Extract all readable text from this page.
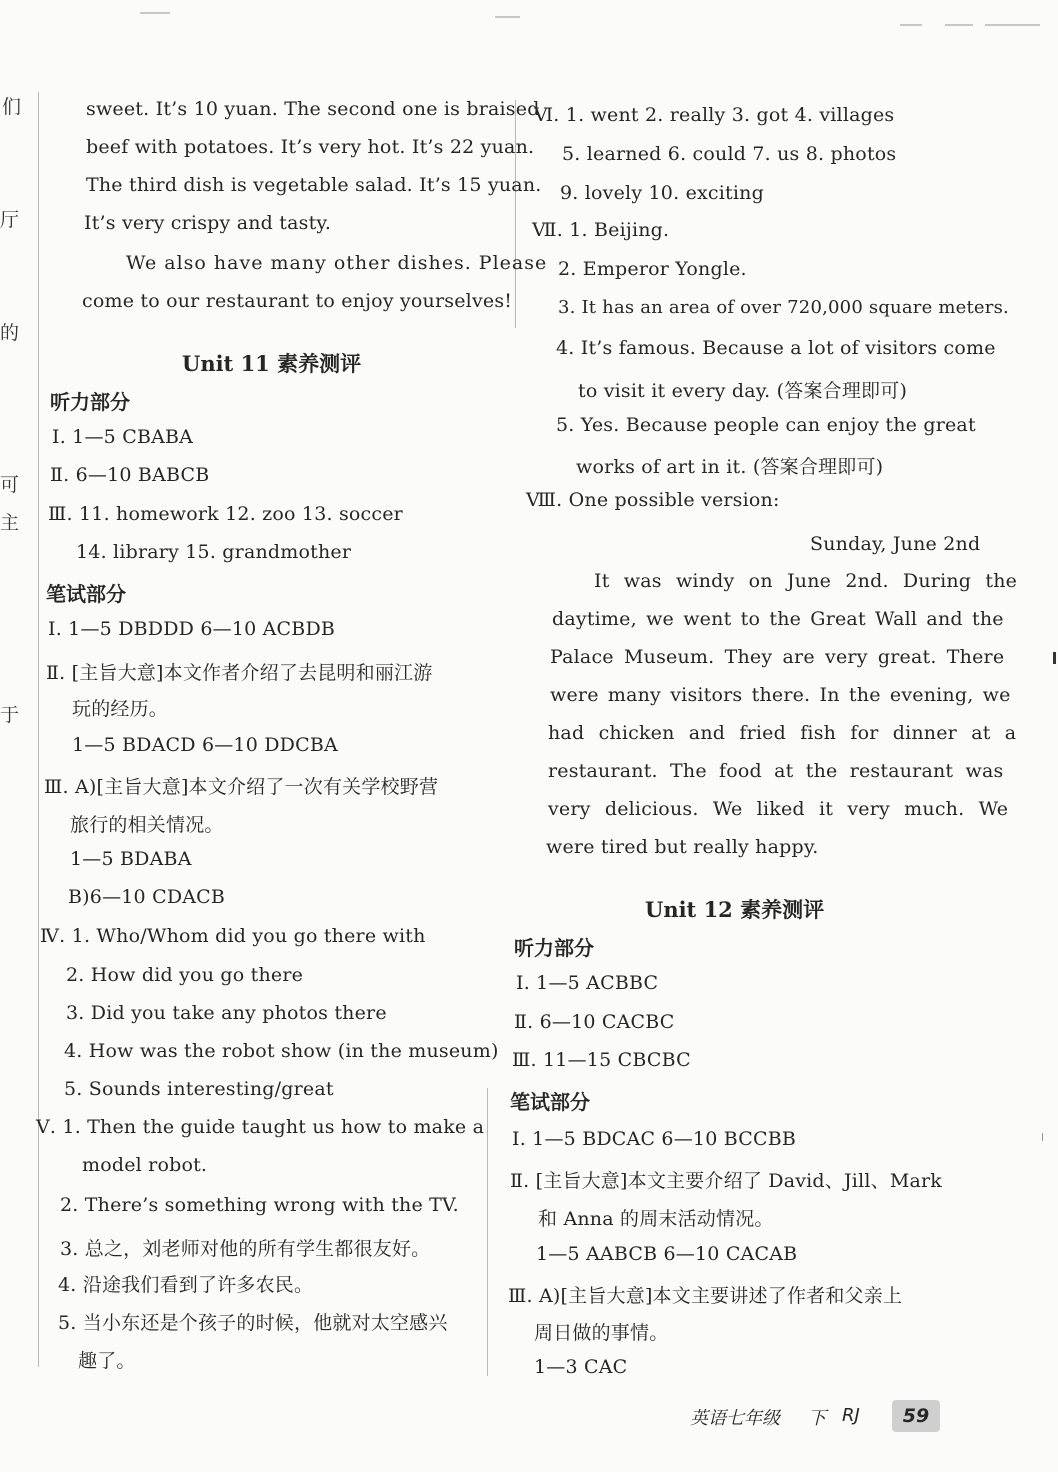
们
厅
的
可
主
于
sweet. It’s 10 yuan. The second one is braised
beef with potatoes. It’s very hot. It’s 22 yuan.
The third dish is vegetable salad. It’s 15 yuan.
It’s very crispy and tasty.
We also have many other dishes. Please
come to our restaurant to enjoy yourselves!
Unit 11 素养测评
听力部分
Ⅰ. 1—5 CBABA
Ⅱ. 6—10 BABCB
Ⅲ. 11. homework 12. zoo 13. soccer
14. library 15. grandmother
笔试部分
Ⅰ. 1—5 DBDDD 6—10 ACBDB
Ⅱ. [主旨大意]本文作者介绍了去昆明和丽江游
玩的经历。
1—5 BDACD 6—10 DDCBA
Ⅲ. A)[主旨大意]本文介绍了一次有关学校野营
旅行的相关情况。
1—5 BDABA
B)6—10 CDACB
Ⅳ. 1. Who/Whom did you go there with
2. How did you go there
3. Did you take any photos there
4. How was the robot show (in the museum)
5. Sounds interesting/great
Ⅴ. 1. Then the guide taught us how to make a
model robot.
2. There’s something wrong with the TV.
3. 总之，刘老师对他的所有学生都很友好。
4. 沿途我们看到了许多农民。
5. 当小东还是个孩子的时候，他就对太空感兴
趣了。
Ⅵ. 1. went 2. really 3. got 4. villages
5. learned 6. could 7. us 8. photos
9. lovely 10. exciting
Ⅶ. 1. Beijing.
2. Emperor Yongle.
3. It has an area of over 720,000 square meters.
4. It’s famous. Because a lot of visitors come
to visit it every day. (答案合理即可)
5. Yes. Because people can enjoy the great
works of art in it. (答案合理即可)
Ⅷ. One possible version:
Sunday, June 2nd
It was windy on June 2nd. During the
daytime, we went to the Great Wall and the
Palace Museum. They are very great. There
were many visitors there. In the evening, we
had chicken and fried fish for dinner at a
restaurant. The food at the restaurant was
very delicious. We liked it very much. We
were tired but really happy.
Unit 12 素养测评
听力部分
Ⅰ. 1—5 ACBBC
Ⅱ. 6—10 CACBC
Ⅲ. 11—15 CBCBC
笔试部分
Ⅰ. 1—5 BDCAC 6—10 BCCBB
Ⅱ. [主旨大意]本文主要介绍了 David、Jill、Mark
和 Anna 的周末活动情况。
1—5 AABCB 6—10 CACAB
Ⅲ. A)[主旨大意]本文主要讲述了作者和父亲上
周日做的事情。
1—3 CAC
英语七年级 下 RJ	59
